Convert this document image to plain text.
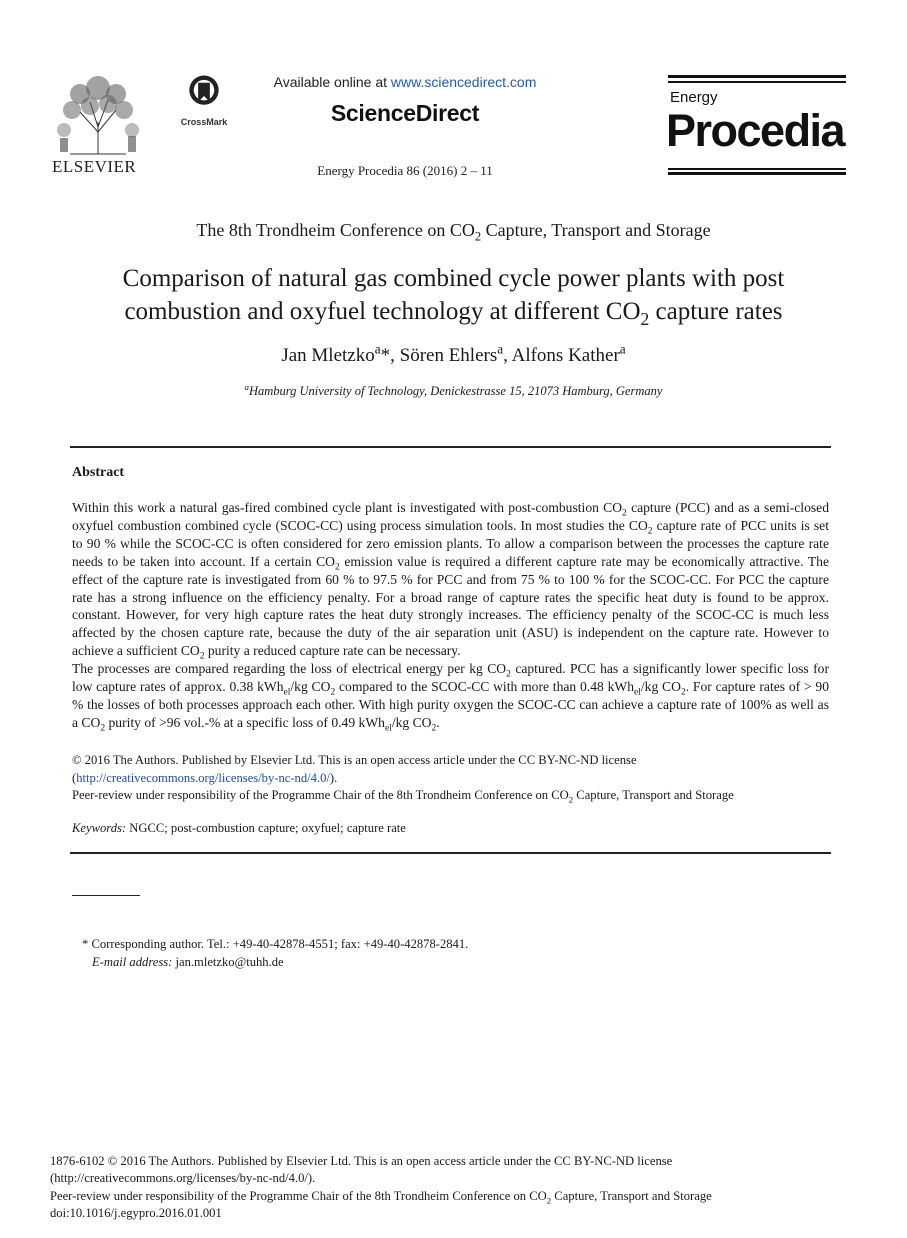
ELSEVIER
CrossMark
Available online at www.sciencedirect.com
ScienceDirect
Energy Procedia 86 (2016) 2 – 11
Energy
Procedia
The 8th Trondheim Conference on $CO_2$ Capture, Transport and Storage
Comparison of natural gas combined cycle power plants with post
combustion and oxyfuel technology at different $CO_2$ capture rates
Jan Mletzko$^a$*, Sören Ehlers$^a$, Alfons Kather$^a$
$^a$Hamburg University of Technology, Denickestrasse 15, 21073 Hamburg, Germany
Abstract

Within this work a natural gas-fired combined cycle plant is investigated with post-combustion $CO_2$ capture (PCC) and as a semi-closed oxyfuel combustion combined cycle (SCOC-CC) using process simulation tools. In most studies the $CO_2$ capture rate of PCC units is set to 90 % while the SCOC-CC is often considered for zero emission plants. To allow a comparison between the processes the capture rate needs to be taken into account. If a certain $CO_2$ emission value is required a different capture rate may be economically attractive. The effect of the capture rate is investigated from 60 % to 97.5 % for PCC and from 75 % to 100 % for the SCOC-CC. For PCC the capture rate has a strong influence on the efficiency penalty. For a broad range of capture rates the specific heat duty is found to be approx. constant. However, for very high capture rates the heat duty strongly increases. The efficiency penalty of the SCOC-CC is much less affected by the chosen capture rate, because the duty of the air separation unit (ASU) is independent on the capture rate. However to achieve a sufficient $CO_2$ purity a reduced capture rate can be necessary.

The processes are compared regarding the loss of electrical energy per kg $CO_2$ captured. PCC has a significantly lower specific loss for low capture rates of approx. 0.38 kWh$_{el}$/kg $CO_2$ compared to the SCOC-CC with more than 0.48 kWh$_{el}$/kg $CO_2$. For capture rates of > 90 % the losses of both processes approach each other. With high purity oxygen the SCOC-CC can achieve a capture rate of 100% as well as a $CO_2$ purity of >96 vol.-% at a specific loss of 0.49 kWh$_{el}$/kg $CO_2$.

© 2016 The Authors. Published by Elsevier Ltd. This is an open access article under the CC BY-NC-ND license

(http://creativecommons.org/licenses/by-nc-nd/4.0/).

Peer-review under responsibility of the Programme Chair of the 8th Trondheim Conference on $CO_2$ Capture, Transport and Storage

Keywords: NGCC; post-combustion capture; oxyfuel; capture rate

* Corresponding author. Tel.: +49-40-42878-4551; fax: +49-40-42878-2841.

E-mail address: jan.mletzko@tuhh.de

1876-6102 © 2016 The Authors. Published by Elsevier Ltd. This is an open access article under the CC BY-NC-ND license

(http://creativecommons.org/licenses/by-nc-nd/4.0/).

Peer-review under responsibility of the Programme Chair of the 8th Trondheim Conference on $CO_2$ Capture, Transport and Storage

doi:10.1016/j.egypro.2016.01.001
